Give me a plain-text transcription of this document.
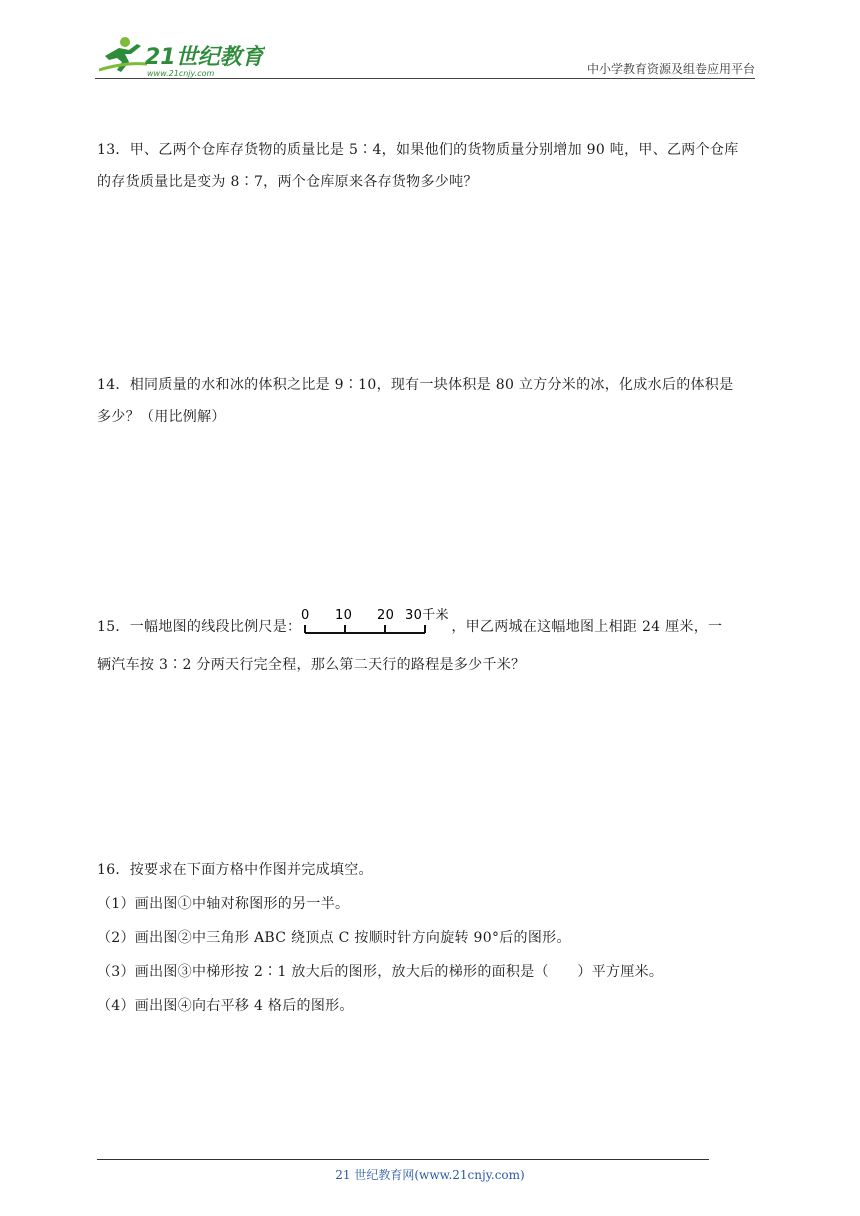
21世纪教育
www.21cnjy.com	中小学教育资源及组卷应用平台

13．甲、乙两个仓库存货物的质量比是 5∶4，如果他们的货物质量分别增加 90 吨，甲、乙两个仓库

的存货质量比是变为 8∶7，两个仓库原来各存货物多少吨？

14．相同质量的水和冰的体积之比是 9∶10，现有一块体积是 80 立方分米的冰，化成水后的体积是

多少？（用比例解）

15．一幅地图的线段比例尺是：
0 10 20 30千米
，甲乙两城在这幅地图上相距 24 厘米，一

辆汽车按 3∶2 分两天行完全程，那么第二天行的路程是多少千米？

16．按要求在下面方格中作图并完成填空。

（1）画出图①中轴对称图形的另一半。

（2）画出图②中三角形 ABC 绕顶点 C 按顺时针方向旋转 90°后的图形。

（3）画出图③中梯形按 2∶1 放大后的图形，放大后的梯形的面积是（　　）平方厘米。

（4）画出图④向右平移 4 格后的图形。

21 世纪教育网(www.21cnjy.com)
